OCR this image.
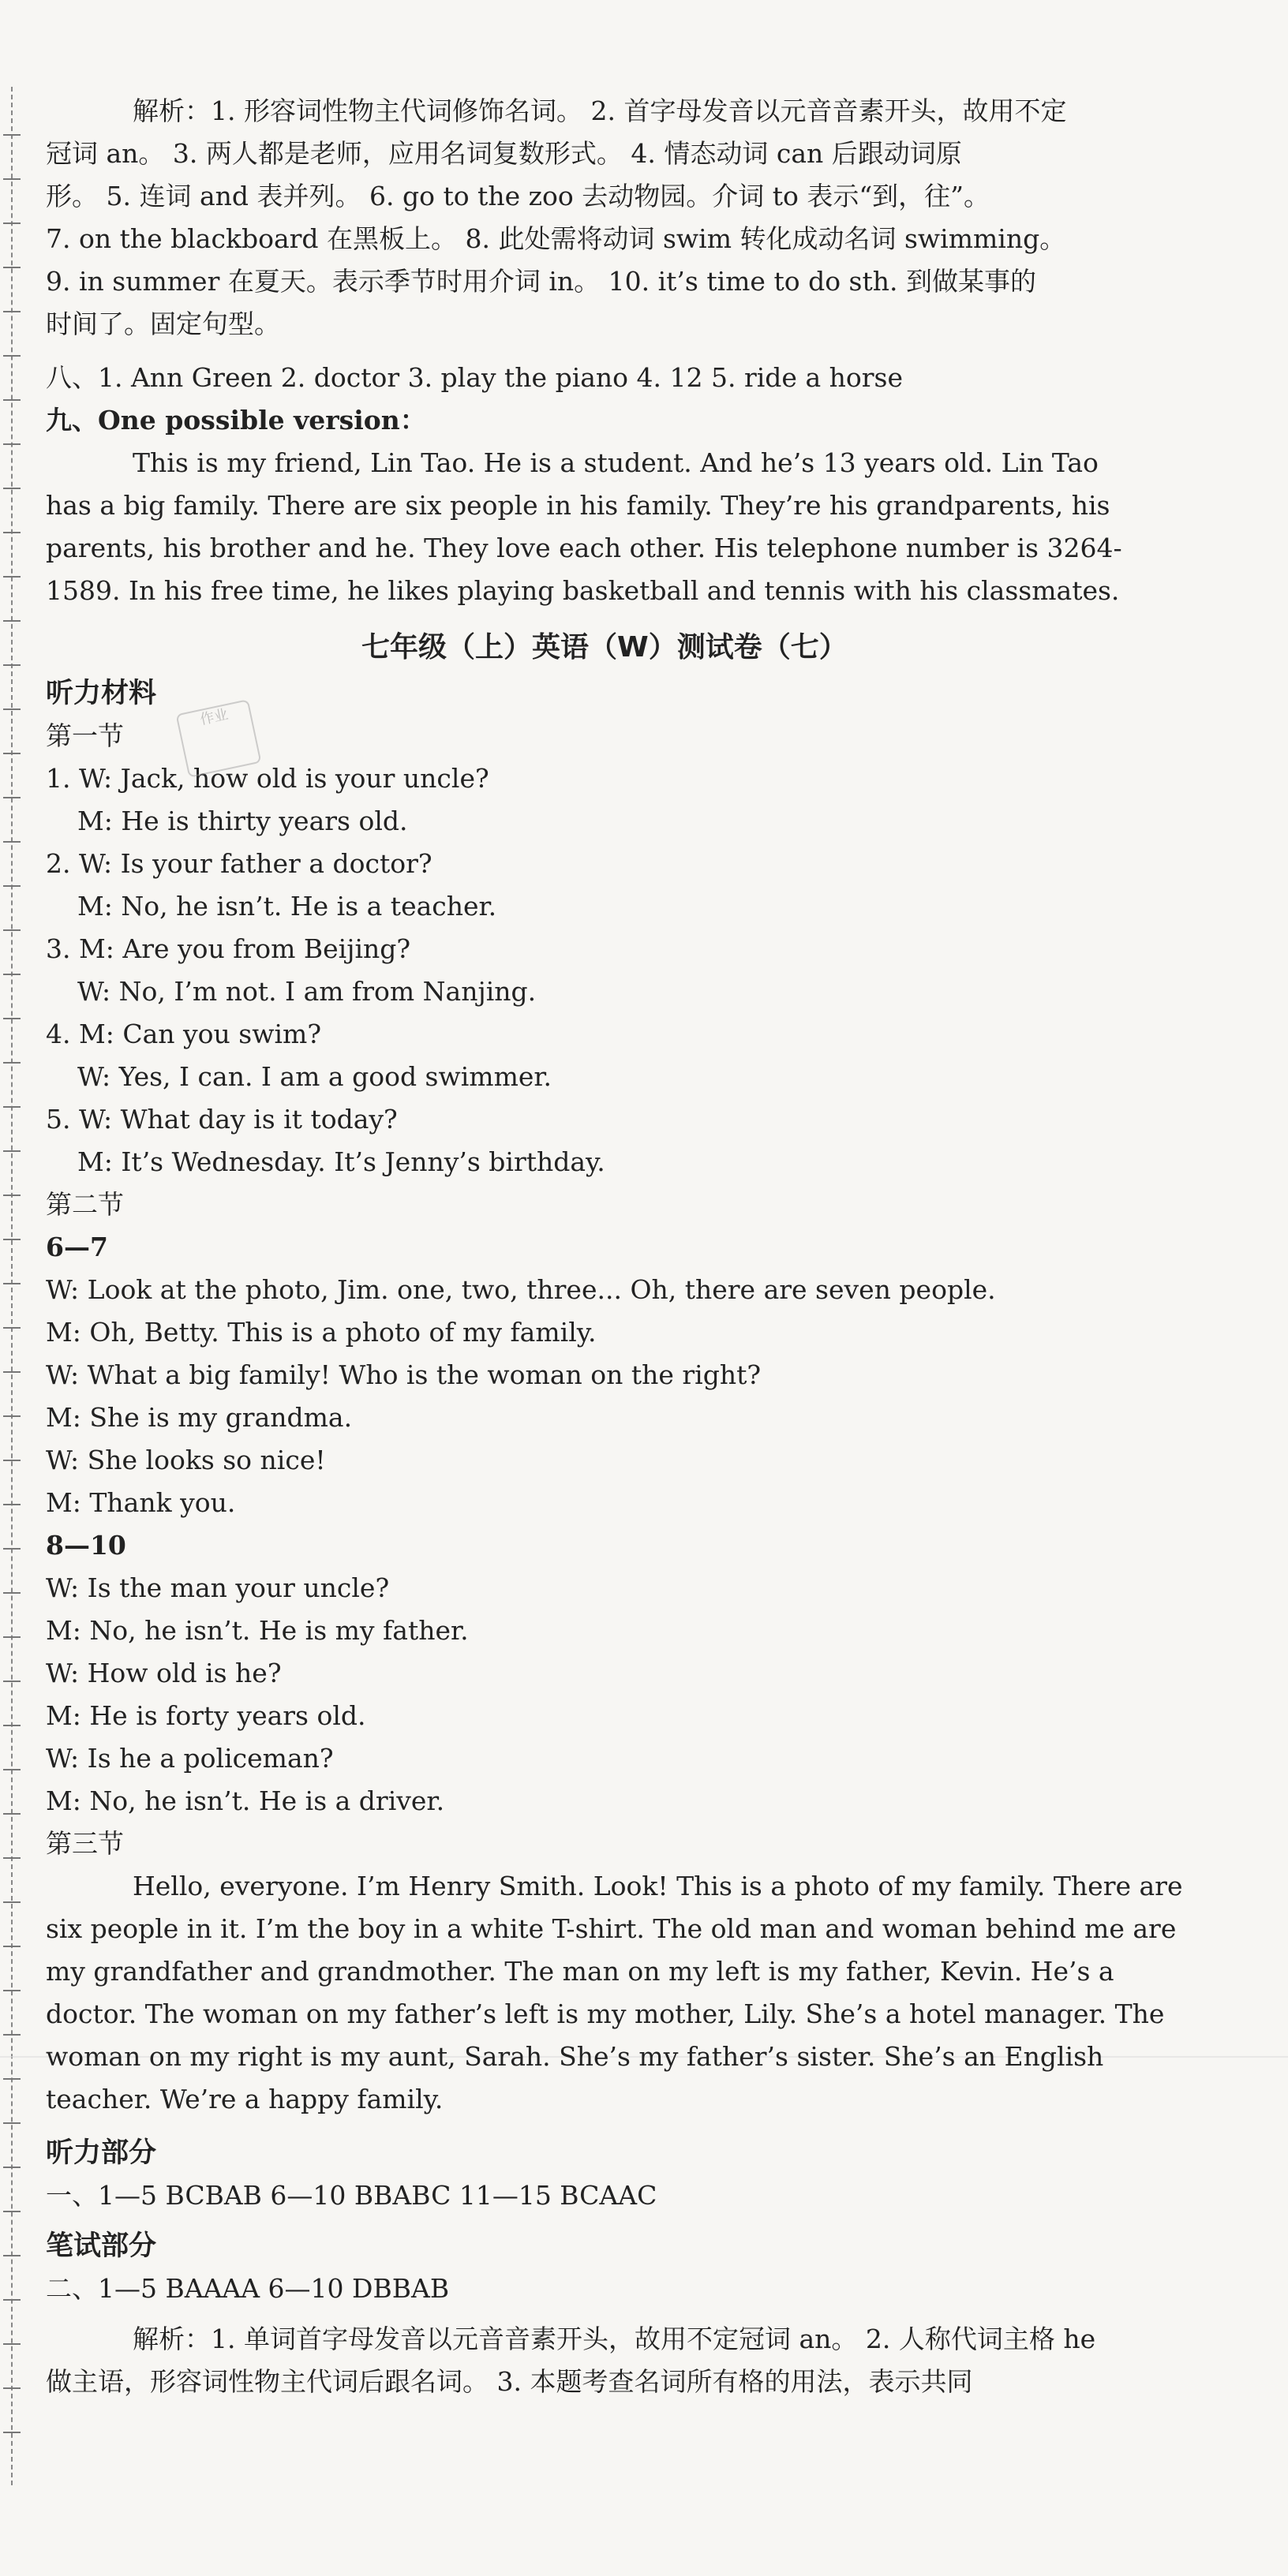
解析：1. 形容词性物主代词修饰名词。 2. 首字母发音以元音音素开头，故用不定
冠词 an。 3. 两人都是老师，应用名词复数形式。 4. 情态动词 can 后跟动词原
形。 5. 连词 and 表并列。 6. go to the zoo 去动物园。介词 to 表示“到，往”。
7. on the blackboard 在黑板上。 8. 此处需将动词 swim 转化成动名词 swimming。
9. in summer 在夏天。表示季节时用介词 in。 10. it’s time to do sth. 到做某事的
时间了。固定句型。
八、1. Ann Green 2. doctor 3. play the piano 4. 12 5. ride a horse
九、One possible version：
This is my friend, Lin Tao. He is a student. And he’s 13 years old. Lin Tao
has a big family. There are six people in his family. They’re his grandparents, his
parents, his brother and he. They love each other. His telephone number is 3264-
1589. In his free time, he likes playing basketball and tennis with his classmates.
七年级（上）英语（W）测试卷（七）
听力材料
第一节
1. W: Jack, how old is your uncle?
M: He is thirty years old.
2. W: Is your father a doctor?
M: No, he isn’t. He is a teacher.
3. M: Are you from Beijing?
W: No, I’m not. I am from Nanjing.
4. M: Can you swim?
W: Yes, I can. I am a good swimmer.
5. W: What day is it today?
M: It’s Wednesday. It’s Jenny’s birthday.
第二节
6—7
W: Look at the photo, Jim. one, two, three... Oh, there are seven people.
M: Oh, Betty. This is a photo of my family.
W: What a big family! Who is the woman on the right?
M: She is my grandma.
W: She looks so nice!
M: Thank you.
8—10
W: Is the man your uncle?
M: No, he isn’t. He is my father.
W: How old is he?
M: He is forty years old.
W: Is he a policeman?
M: No, he isn’t. He is a driver.
第三节
Hello, everyone. I’m Henry Smith. Look! This is a photo of my family. There are
six people in it. I’m the boy in a white T-shirt. The old man and woman behind me are
my grandfather and grandmother. The man on my left is my father, Kevin. He’s a
doctor. The woman on my father’s left is my mother, Lily. She’s a hotel manager. The
woman on my right is my aunt, Sarah. She’s my father’s sister. She’s an English
teacher. We’re a happy family.
听力部分
一、1—5 BCBAB 6—10 BBABC 11—15 BCAAC
笔试部分
二、1—5 BAAAA 6—10 DBBAB
解析：1. 单词首字母发音以元音音素开头，故用不定冠词 an。 2. 人称代词主格 he
做主语，形容词性物主代词后跟名词。 3. 本题考查名词所有格的用法，表示共同
作业
